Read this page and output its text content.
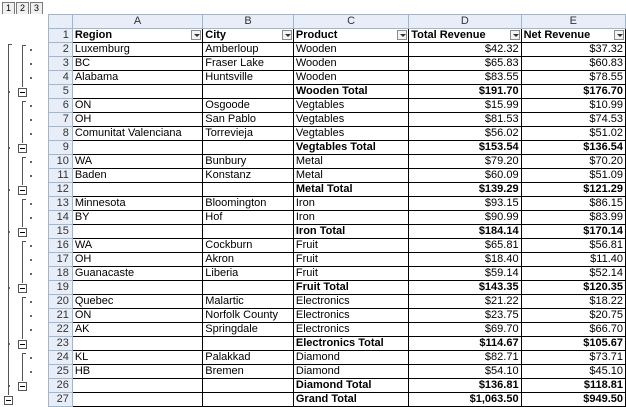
1 2 3
	A	B	C	D	E
1	Region	City	Product	Total Revenue	Net Revenue

2	Luxemburg	Amberloup	Wooden	$42.32	$37.32
3	BC	Fraser Lake	Wooden	$65.83	$60.83
4	Alabama	Huntsville	Wooden	$83.55	$78.55
5			Wooden Total	$191.70	$176.70
6	ON	Osgoode	Vegtables	$15.99	$10.99
7	OH	San Pablo	Vegtables	$81.53	$74.53
8	Comunitat Valenciana	Torrevieja	Vegtables	$56.02	$51.02
9			Vegtables Total	$153.54	$136.54
10	WA	Bunbury	Metal	$79.20	$70.20
11	Baden	Konstanz	Metal	$60.09	$51.09
12			Metal Total	$139.29	$121.29
13	Minnesota	Bloomington	Iron	$93.15	$86.15
14	BY	Hof	Iron	$90.99	$83.99
15			Iron Total	$184.14	$170.14
16	WA	Cockburn	Fruit	$65.81	$56.81
17	OH	Akron	Fruit	$18.40	$11.40
18	Guanacaste	Liberia	Fruit	$59.14	$52.14
19			Fruit Total	$143.35	$120.35
20	Quebec	Malartic	Electronics	$21.22	$18.22
21	ON	Norfolk County	Electronics	$23.75	$20.75
22	AK	Springdale	Electronics	$69.70	$66.70
23			Electronics Total	$114.67	$105.67
24	KL	Palakkad	Diamond	$82.71	$73.71
25	HB	Bremen	Diamond	$54.10	$45.10
26			Diamond Total	$136.81	$118.81
27			Grand Total	$1,063.50	$949.50
